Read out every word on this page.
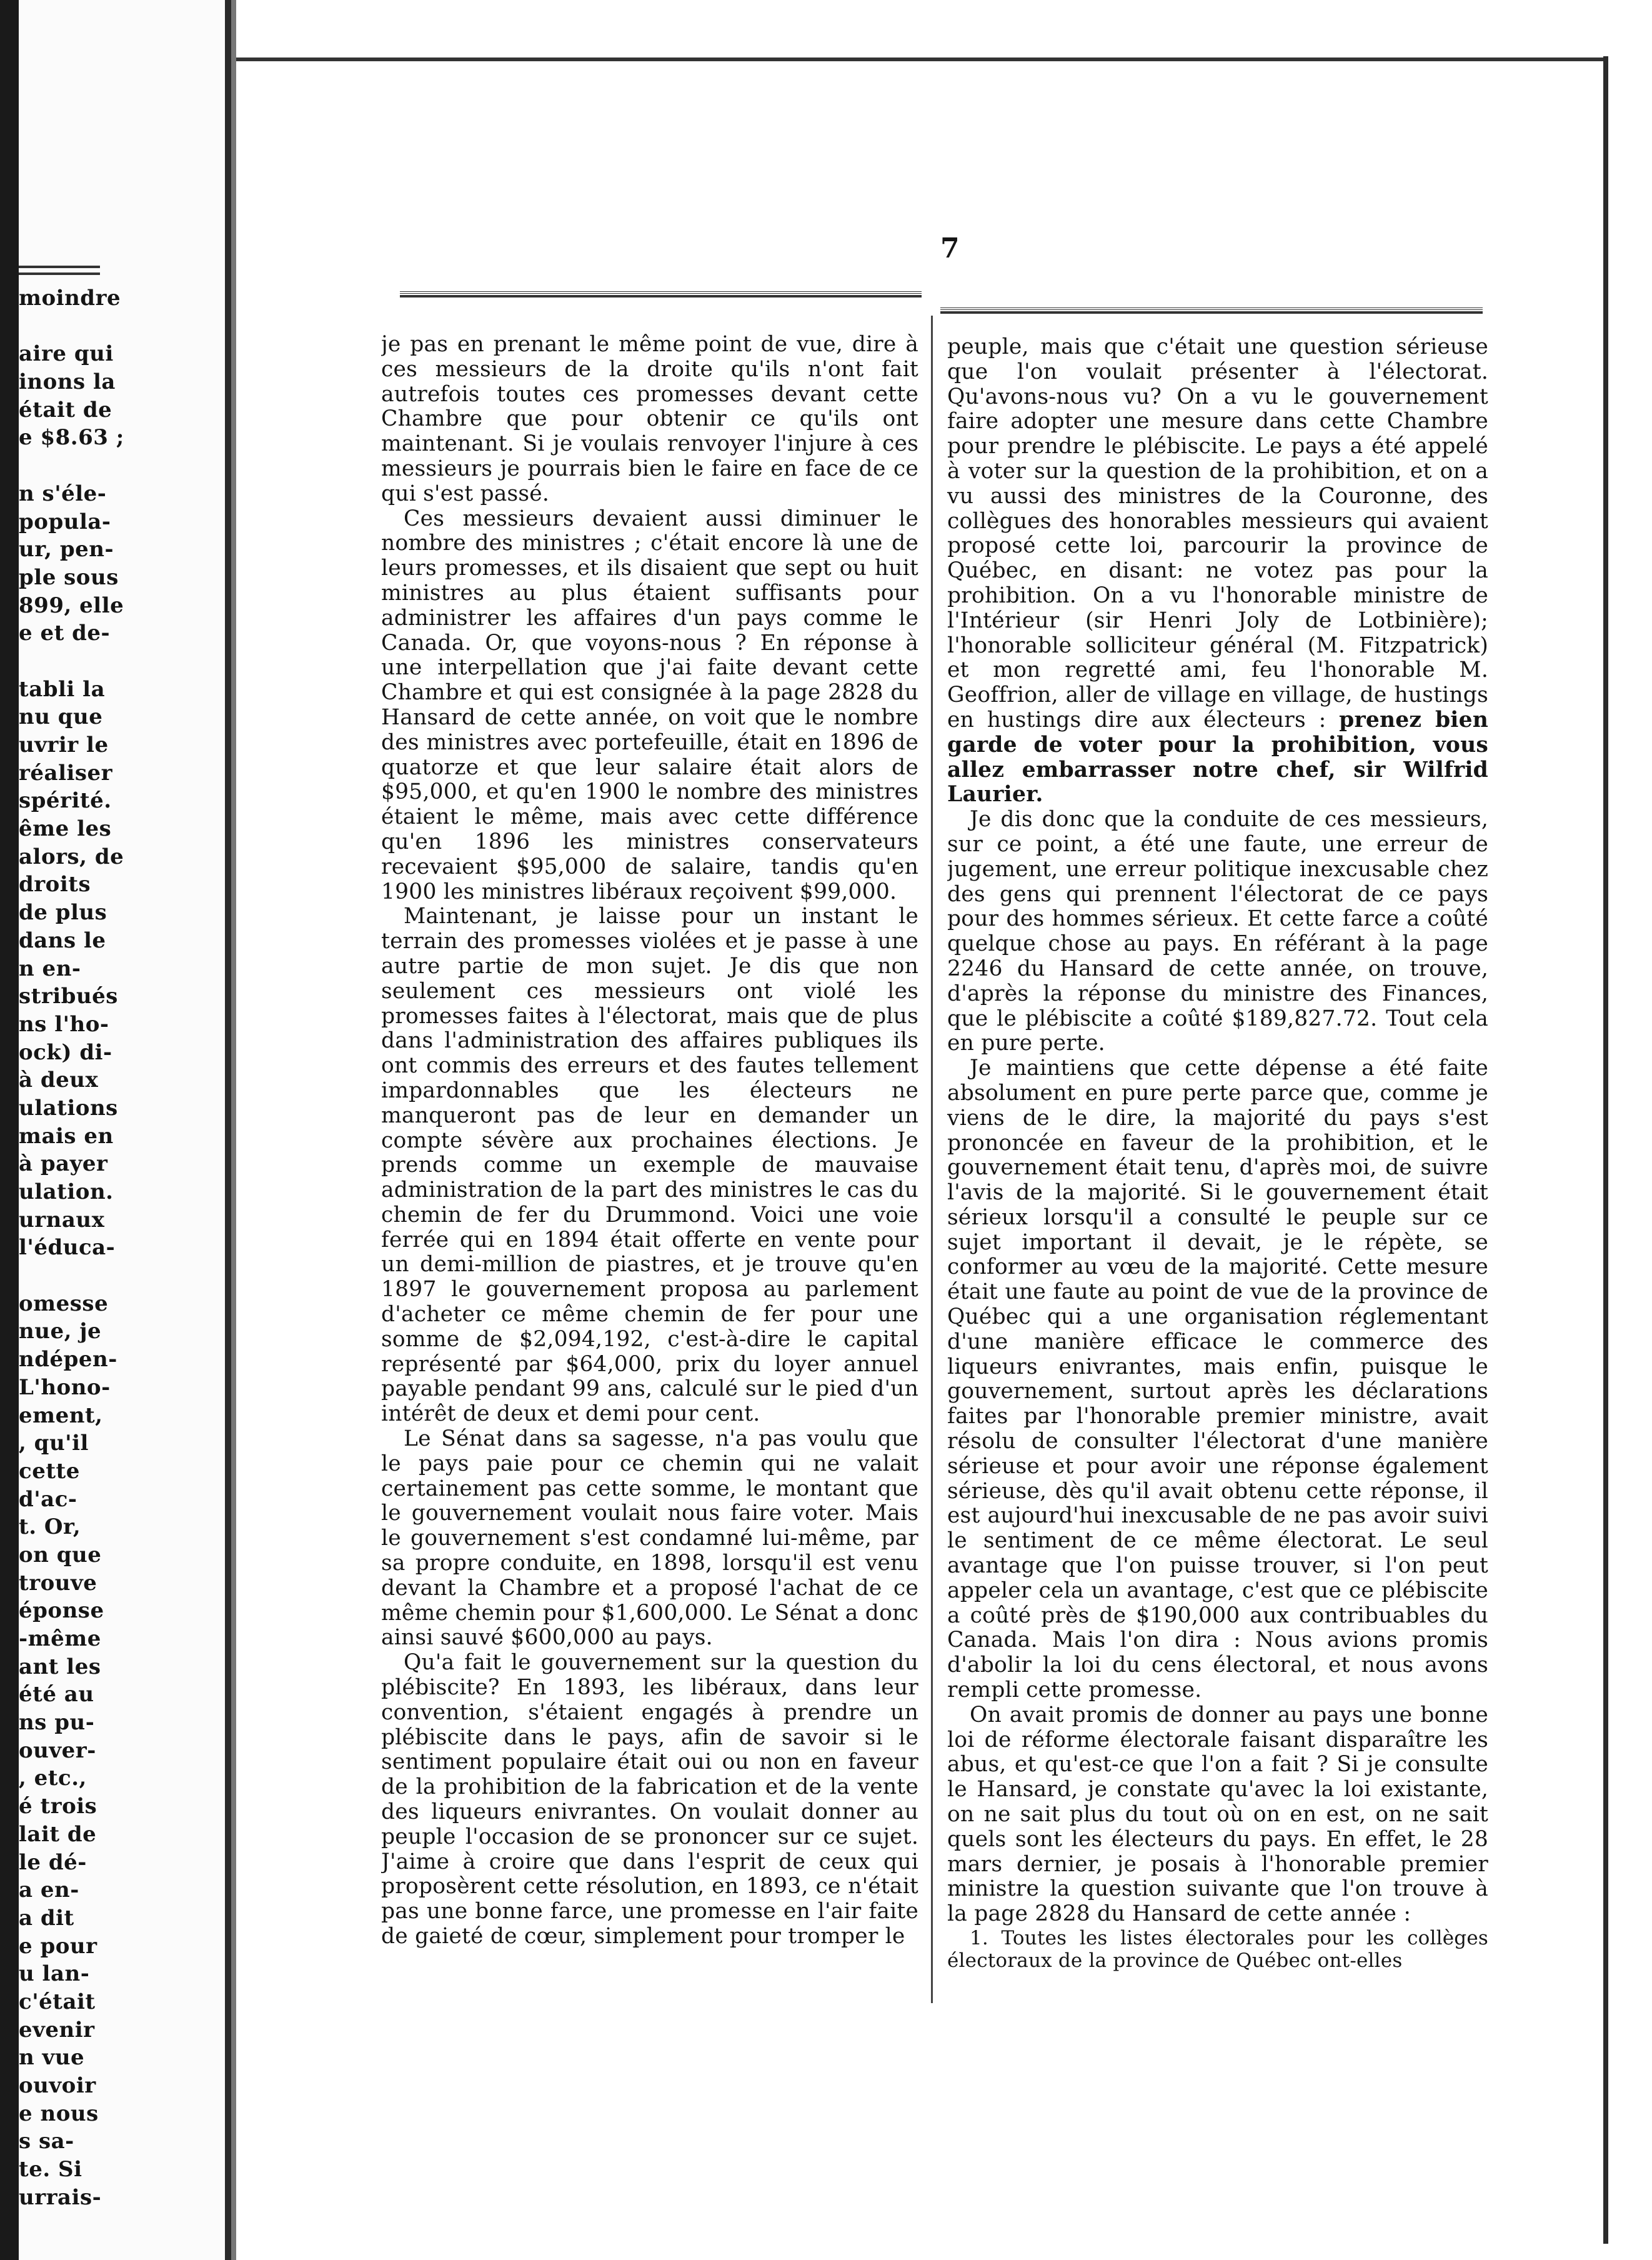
moindre
aire qui
inons la
était de
e $8.63 ;
n s'éle-
popula-
ur, pen-
ple sous
899, elle
e et de-
tabli la
nu que
uvrir le
réaliser
spérité.
ême les
alors, de
droits
de plus
dans le
n en-
stribués
ns l'ho-
ock) di-
à deux
ulations
mais en
à payer
ulation.
urnaux
l'éduca-
omesse
nue, je
ndépen-
L'hono-
ement,
, qu'il
cette
d'ac-
t. Or,
on que
trouve
éponse
-même
ant les
été au
ns pu-
ouver-
, etc.,
é trois
lait de
le dé-
a en-
a dit
e pour
u lan-
c'était
evenir
n vue
ouvoir
e nous
s sa-
te. Si
urrais-
7

je pas en prenant le même point de vue, dire à ces messieurs de la droite qu'ils n'ont fait autrefois toutes ces promesses devant cette Chambre que pour obtenir ce qu'ils ont maintenant. Si je voulais renvoyer l'injure à ces messieurs je pourrais bien le faire en face de ce qui s'est passé.

Ces messieurs devaient aussi diminuer le nombre des ministres ; c'était encore là une de leurs promesses, et ils disaient que sept ou huit ministres au plus étaient suffisants pour administrer les affaires d'un pays comme le Canada. Or, que voyons-nous ? En réponse à une interpellation que j'ai faite devant cette Chambre et qui est consignée à la page 2828 du Hansard de cette année, on voit que le nombre des ministres avec portefeuille, était en 1896 de quatorze et que leur salaire était alors de $95,000, et qu'en 1900 le nombre des ministres étaient le même, mais avec cette différence qu'en 1896 les ministres conservateurs recevaient $95,000 de salaire, tandis qu'en 1900 les ministres libéraux reçoivent $99,000.

Maintenant, je laisse pour un instant le terrain des promesses violées et je passe à une autre partie de mon sujet. Je dis que non seulement ces messieurs ont violé les promesses faites à l'électorat, mais que de plus dans l'administration des affaires publiques ils ont commis des erreurs et des fautes tellement impardonnables que les électeurs ne manqueront pas de leur en demander un compte sévère aux prochaines élections. Je prends comme un exemple de mauvaise administration de la part des ministres le cas du chemin de fer du Drummond. Voici une voie ferrée qui en 1894 était offerte en vente pour un demi-million de piastres, et je trouve qu'en 1897 le gouvernement proposa au parlement d'acheter ce même chemin de fer pour une somme de $2,094,192, c'est-à-dire le capital représenté par $64,000, prix du loyer annuel payable pendant 99 ans, calculé sur le pied d'un intérêt de deux et demi pour cent.

Le Sénat dans sa sagesse, n'a pas voulu que le pays paie pour ce chemin qui ne valait certainement pas cette somme, le montant que le gouvernement voulait nous faire voter. Mais le gouvernement s'est condamné lui-même, par sa propre conduite, en 1898, lorsqu'il est venu devant la Chambre et a proposé l'achat de ce même chemin pour $1,600,000. Le Sénat a donc ainsi sauvé $600,000 au pays.

Qu'a fait le gouvernement sur la question du plébiscite? En 1893, les libéraux, dans leur convention, s'étaient engagés à prendre un plébiscite dans le pays, afin de savoir si le sentiment populaire était oui ou non en faveur de la prohibition de la fabrication et de la vente des liqueurs enivrantes. On voulait donner au peuple l'occasion de se prononcer sur ce sujet. J'aime à croire que dans l'esprit de ceux qui proposèrent cette résolution, en 1893, ce n'était pas une bonne farce, une promesse en l'air faite de gaieté de cœur, simplement pour tromper le

peuple, mais que c'était une question sérieuse que l'on voulait présenter à l'électorat. Qu'avons-nous vu? On a vu le gouvernement faire adopter une mesure dans cette Chambre pour prendre le plébiscite. Le pays a été appelé à voter sur la question de la prohibition, et on a vu aussi des ministres de la Couronne, des collègues des honorables messieurs qui avaient proposé cette loi, parcourir la province de Québec, en disant: ne votez pas pour la prohibition. On a vu l'honorable ministre de l'Intérieur (sir Henri Joly de Lotbinière); l'honorable solliciteur général (M. Fitzpatrick) et mon regretté ami, feu l'honorable M. Geoffrion, aller de village en village, de hustings en hustings dire aux électeurs : prenez bien garde de voter pour la prohibition, vous allez embarrasser notre chef, sir Wilfrid Laurier.

Je dis donc que la conduite de ces messieurs, sur ce point, a été une faute, une erreur de jugement, une erreur politique inexcusable chez des gens qui prennent l'électorat de ce pays pour des hommes sérieux. Et cette farce a coûté quelque chose au pays. En référant à la page 2246 du Hansard de cette année, on trouve, d'après la réponse du ministre des Finances, que le plébiscite a coûté $189,827.72. Tout cela en pure perte.

Je maintiens que cette dépense a été faite absolument en pure perte parce que, comme je viens de le dire, la majorité du pays s'est prononcée en faveur de la prohibition, et le gouvernement était tenu, d'après moi, de suivre l'avis de la majorité. Si le gouvernement était sérieux lorsqu'il a consulté le peuple sur ce sujet important il devait, je le répète, se conformer au vœu de la majorité. Cette mesure était une faute au point de vue de la province de Québec qui a une organisation réglementant d'une manière efficace le commerce des liqueurs enivrantes, mais enfin, puisque le gouvernement, surtout après les déclarations faites par l'honorable premier ministre, avait résolu de consulter l'électorat d'une manière sérieuse et pour avoir une réponse également sérieuse, dès qu'il avait obtenu cette réponse, il est aujourd'hui inexcusable de ne pas avoir suivi le sentiment de ce même électorat. Le seul avantage que l'on puisse trouver, si l'on peut appeler cela un avantage, c'est que ce plébiscite a coûté près de $190,000 aux contribuables du Canada. Mais l'on dira : Nous avions promis d'abolir la loi du cens électoral, et nous avons rempli cette promesse.

On avait promis de donner au pays une bonne loi de réforme électorale faisant disparaître les abus, et qu'est-ce que l'on a fait ? Si je consulte le Hansard, je constate qu'avec la loi existante, on ne sait plus du tout où on en est, on ne sait quels sont les électeurs du pays. En effet, le 28 mars dernier, je posais à l'honorable premier ministre la question suivante que l'on trouve à la page 2828 du Hansard de cette année :

1. Toutes les listes électorales pour les collèges électoraux de la province de Québec ont-elles
